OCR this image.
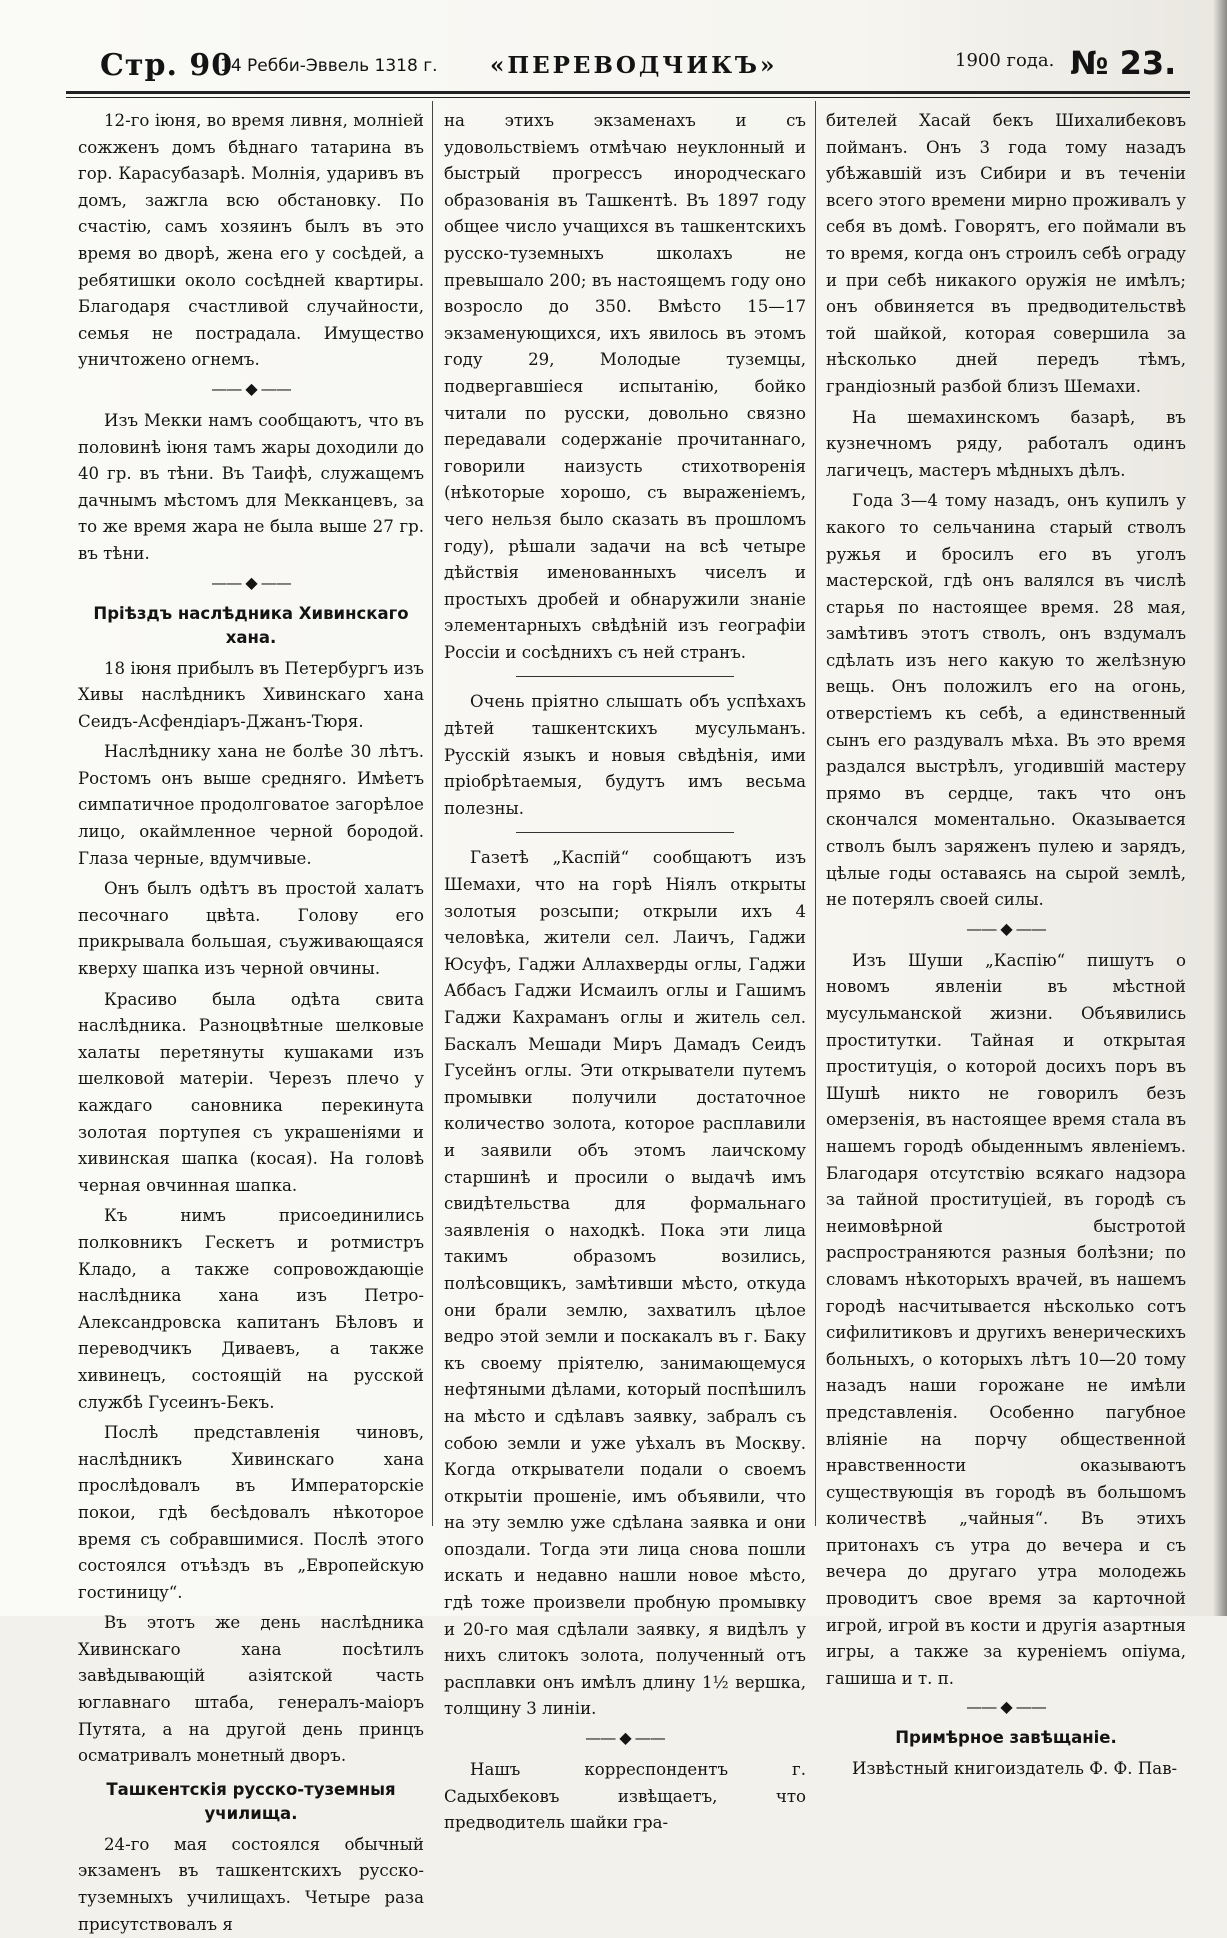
Стр. 90
14 Ребби-Эввель 1318 г. «ПЕРЕВОДЧИКЪ»	1900 года. № 23.

12-го іюня, во время ливня, молніей сожженъ домъ бѣднаго татарина въ гор. Карасубазарѣ. Молнія, ударивъ въ домъ, зажгла всю обстановку. По счастію, самъ хозяинъ былъ въ это время во дворѣ, жена его у сосѣдей, а ребятишки около сосѣдней квартиры. Благодаря счастливой случайности, семья не пострадала. Имущество уничтожено огнемъ.

—— ◆ ——

Изъ Мекки намъ сообщаютъ, что въ половинѣ іюня тамъ жары доходили до 40 гр. въ тѣни. Въ Таифѣ, служащемъ дачнымъ мѣстомъ для Мекканцевъ, за то же время жара не была выше 27 гр. въ тѣни.

—— ◆ ——
Пріѣздъ наслѣдника Хивинскаго хана.

18 іюня прибылъ въ Петербургъ изъ Хивы наслѣдникъ Хивинскаго хана Сеидъ-Асфендіаръ-Джанъ-Тюря.

Наслѣднику хана не болѣе 30 лѣтъ. Ростомъ онъ выше средняго. Имѣетъ симпатичное продолговатое загорѣлое лицо, окаймленное черной бородой. Глаза черные, вдумчивые.

Онъ былъ одѣтъ въ простой халатъ песочнаго цвѣта. Голову его прикрывала большая, съуживающаяся кверху шапка изъ черной овчины.

Красиво была одѣта свита наслѣдника. Разноцвѣтные шелковые халаты перетянуты кушаками изъ шелковой матеріи. Черезъ плечо у каждаго сановника перекинута золотая портупея съ украшеніями и хивинская шапка (косая). На головѣ черная овчинная шапка.

Къ нимъ присоединились полковникъ Гескетъ и ротмистръ Кладо, а также сопровождающіе наслѣдника хана изъ Петро-Александровска капитанъ Бѣловъ и переводчикъ Диваевъ, а также хивинецъ, состоящій на русской службѣ Гусеинъ-Бекъ.

Послѣ представленія чиновъ, наслѣдникъ Хивинскаго хана прослѣдовалъ въ Императорскіе покои, гдѣ бесѣдовалъ нѣкоторое время съ собравшимися. Послѣ этого состоялся отъѣздъ въ „Европейскую гостиницу“.

Въ этотъ же день наслѣдника Хивинскаго хана посѣтилъ завѣдывающій азіятской часть юглавнаго штаба, генералъ-маіоръ Путята, а на другой день принцъ осматривалъ монетный дворъ.

Ташкентскія русско-туземныя училища.

24-го мая состоялся обычный экзаменъ въ ташкентскихъ русско-туземныхъ училищахъ. Четыре раза присутствовалъ я

на этихъ экзаменахъ и съ удовольствіемъ отмѣчаю неуклонный и быстрый прогрессъ инородческаго образованія въ Ташкентѣ. Въ 1897 году общее число учащихся въ ташкентскихъ русско-туземныхъ школахъ не превышало 200; въ настоящемъ году оно возросло до 350. Вмѣсто 15—17 экзаменующихся, ихъ явилось въ этомъ году 29, Молодые туземцы, подвергавшіеся испытанію, бойко читали по русски, довольно связно передавали содержаніе прочитаннаго, говорили наизусть стихотворенія (нѣкоторые хорошо, съ выраженіемъ, чего нельзя было сказать въ прошломъ году), рѣшали задачи на всѣ четыре дѣйствія именованныхъ чиселъ и простыхъ дробей и обнаружили знаніе элементарныхъ свѣдѣній изъ географіи Россіи и сосѣднихъ съ ней странъ.

Очень пріятно слышать объ успѣхахъ дѣтей ташкентскихъ мусульманъ. Русскій языкъ и новыя свѣдѣнія, ими пріобрѣтаемыя, будутъ имъ весьма полезны.

Газетѣ „Каспій“ сообщаютъ изъ Шемахи, что на горѣ Ніялъ открыты золотыя розсыпи; открыли ихъ 4 человѣка, жители сел. Лаичъ, Гаджи Юсуфъ, Гаджи Аллахверды оглы, Гаджи Аббасъ Гаджи Исмаилъ оглы и Гашимъ Гаджи Кахраманъ оглы и житель сел. Баскалъ Мешади Миръ Дамадъ Сеидъ Гусейнъ оглы. Эти открыватели путемъ промывки получили достаточное количество золота, которое расплавили и заявили объ этомъ лаичскому старшинѣ и просили о выдачѣ имъ свидѣтельства для формальнаго заявленія о находкѣ. Пока эти лица такимъ образомъ возились, полѣсовщикъ, замѣтивши мѣсто, откуда они брали землю, захватилъ цѣлое ведро этой земли и поскакалъ въ г. Баку къ своему пріятелю, занимающемуся нефтяными дѣлами, который поспѣшилъ на мѣсто и сдѣлавъ заявку, забралъ съ собою земли и уже уѣхалъ въ Москву. Когда открыватели подали о своемъ открытіи прошеніе, имъ объявили, что на эту землю уже сдѣлана заявка и они опоздали. Тогда эти лица снова пошли искать и недавно нашли новое мѣсто, гдѣ тоже произвели пробную промывку и 20-го мая сдѣлали заявку, я видѣлъ у нихъ слитокъ золота, полученный отъ расплавки онъ имѣлъ длину 1½ вершка, толщину 3 линіи.

—— ◆ ——

Нашъ корреспондентъ г. Садыхбековъ извѣщаетъ, что предводитель шайки гра-

бителей Хасай бекъ Шихалибековъ пойманъ. Онъ 3 года тому назадъ убѣжавшій изъ Сибири и въ теченіи всего этого времени мирно проживалъ у себя въ домѣ. Говорятъ, его поймали въ то время, когда онъ строилъ себѣ ограду и при себѣ никакого оружія не имѣлъ; онъ обвиняется въ предводительствѣ той шайкой, которая совершила за нѣсколько дней передъ тѣмъ, грандіозный разбой близъ Шемахи.

На шемахинскомъ базарѣ, въ кузнечномъ ряду, работалъ одинъ лагичецъ, мастеръ мѣдныхъ дѣлъ.

Года 3—4 тому назадъ, онъ купилъ у какого то сельчанина старый стволъ ружья и бросилъ его въ уголъ мастерской, гдѣ онъ валялся въ числѣ старья по настоящее время. 28 мая, замѣтивъ этотъ стволъ, онъ вздумалъ сдѣлать изъ него какую то желѣзную вещь. Онъ положилъ его на огонь, отверстіемъ къ себѣ, а единственный сынъ его раздувалъ мѣха. Въ это время раздался выстрѣлъ, угодившій мастеру прямо въ сердце, такъ что онъ скончался моментально. Оказывается стволъ былъ заряженъ пулею и зарядъ, цѣлые годы оставаясь на сырой землѣ, не потерялъ своей силы.

—— ◆ ——

Изъ Шуши „Каспію“ пишутъ о новомъ явленіи въ мѣстной мусульманской жизни. Объявились проститутки. Тайная и открытая проституція, о которой досихъ поръ въ Шушѣ никто не говорилъ безъ омерзенія, въ настоящее время стала въ нашемъ городѣ обыденнымъ явленіемъ. Благодаря отсутствію всякаго надзора за тайной проституціей, въ городѣ съ неимовѣрной быстротой распространяются разныя болѣзни; по словамъ нѣкоторыхъ врачей, въ нашемъ городѣ насчитывается нѣсколько сотъ сифилитиковъ и другихъ венерическихъ больныхъ, о которыхъ лѣтъ 10—20 тому назадъ наши горожане не имѣли представленія. Особенно пагубное вліяніе на порчу общественной нравственности оказываютъ существующія въ городѣ въ большомъ количествѣ „чайныя“. Въ этихъ притонахъ съ утра до вечера и съ вечера до другаго утра молодежь проводитъ свое время за карточной игрой, игрой въ кости и другія азартныя игры, а также за куреніемъ опіума, гашиша и т. п.

—— ◆ ——
Примѣрное завѣщаніе.

Извѣстный книгоиздатель Ф. Ф. Пав-
